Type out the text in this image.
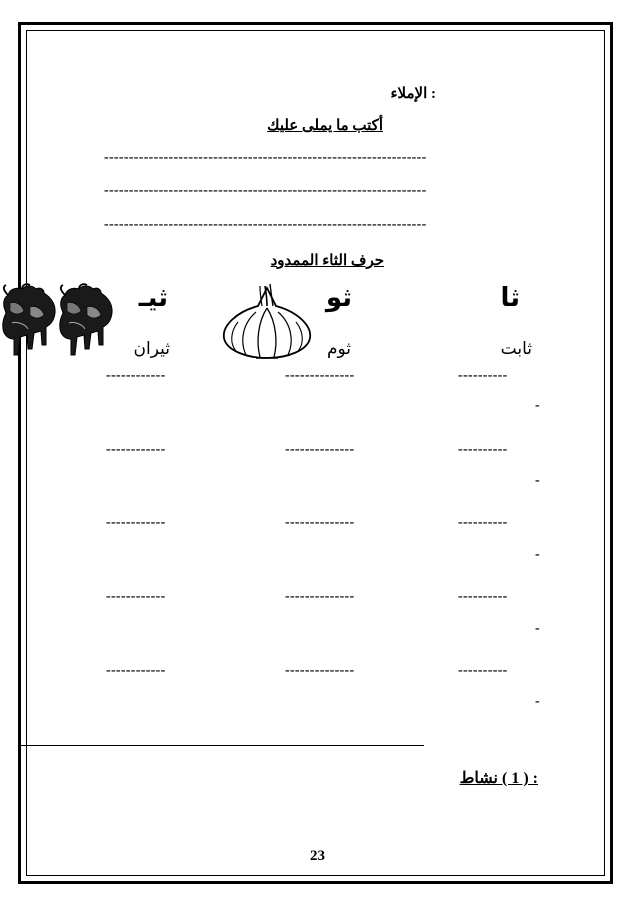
: الإملاء
أكتب ما يملى عليك
-----------------------------------------------------------------
-----------------------------------------------------------------
-----------------------------------------------------------------
حرف الثاء الممدود
ثا
ثو
ثيـ
ثابت
ثوم
ثيران
----------
-
--------------
------------
----------
-
--------------
------------
----------
-
--------------
------------
----------
-
--------------
------------
----------
-
--------------
------------
: ( 1 ) نشاط
23
